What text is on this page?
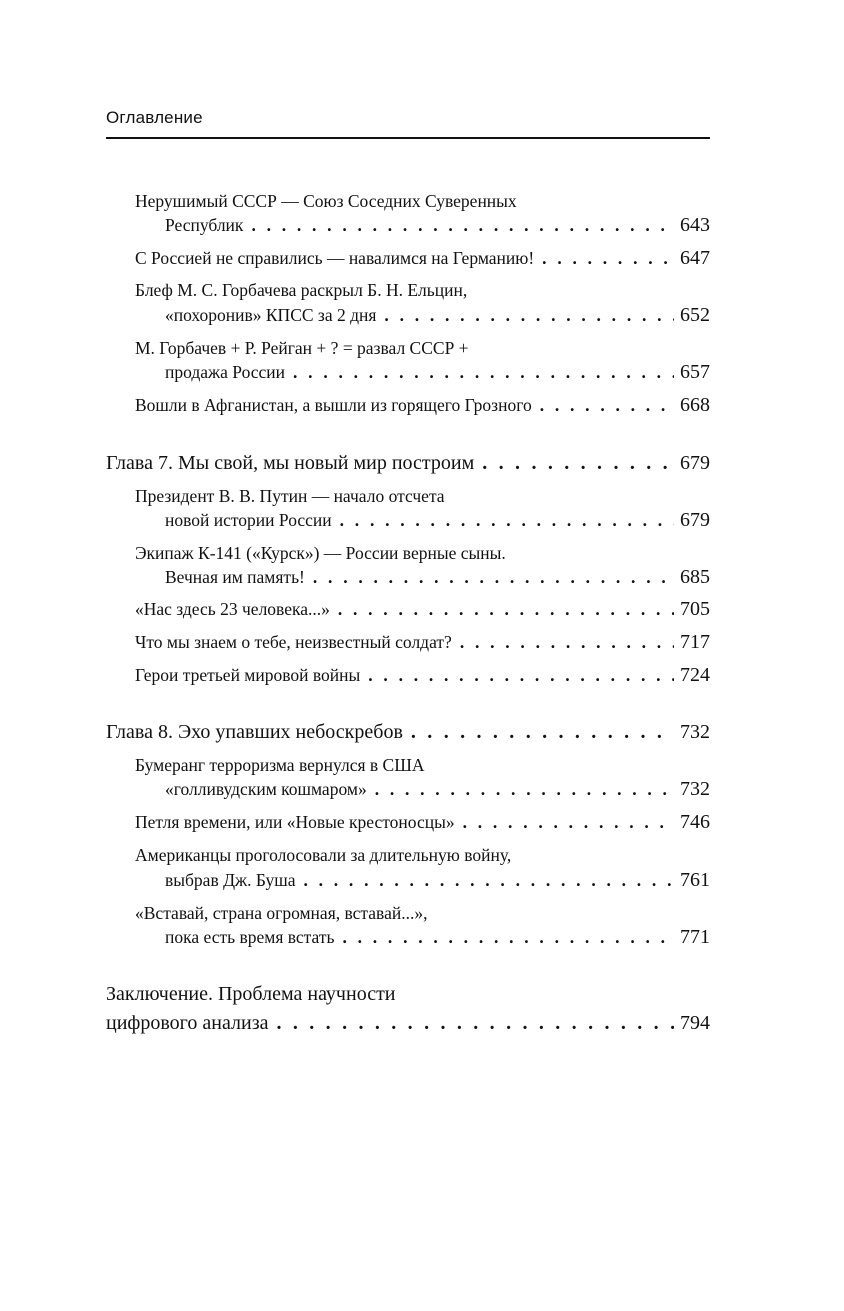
Оглавление
Нерушимый СССР — Союз Соседних Суверенных
Республик . . .	643
С Россией не справились — навалимся на Германию! . . .	647
Блеф М. С. Горбачева раскрыл Б. Н. Ельцин,
«похоронив» КПСС за 2 дня . . .	652
М. Горбачев + Р. Рейган + ? = развал СССР +
продажа России . . .	657
Вошли в Афганистан, а вышли из горящего Грозного . . .	668
Глава 7. Мы свой, мы новый мир построим . . .	679
Президент В. В. Путин — начало отсчета
новой истории России . . .	679
Экипаж К-141 («Курск») — России верные сыны.
Вечная им память! . . .	685
«Нас здесь 23 человека...» . . .	705
Что мы знаем о тебе, неизвестный солдат? . . .	717
Герои третьей мировой войны . . .	724
Глава 8. Эхо упавших небоскребов . . .	732
Бумеранг терроризма вернулся в США
«голливудским кошмаром» . . .	732
Петля времени, или «Новые крестоносцы» . . .	746
Американцы проголосовали за длительную войну,
выбрав Дж. Буша . . .	761
«Вставай, страна огромная, вставай...»,
пока есть время встать . . .	771
Заключение. Проблема научности
цифрового анализа . . .	794
